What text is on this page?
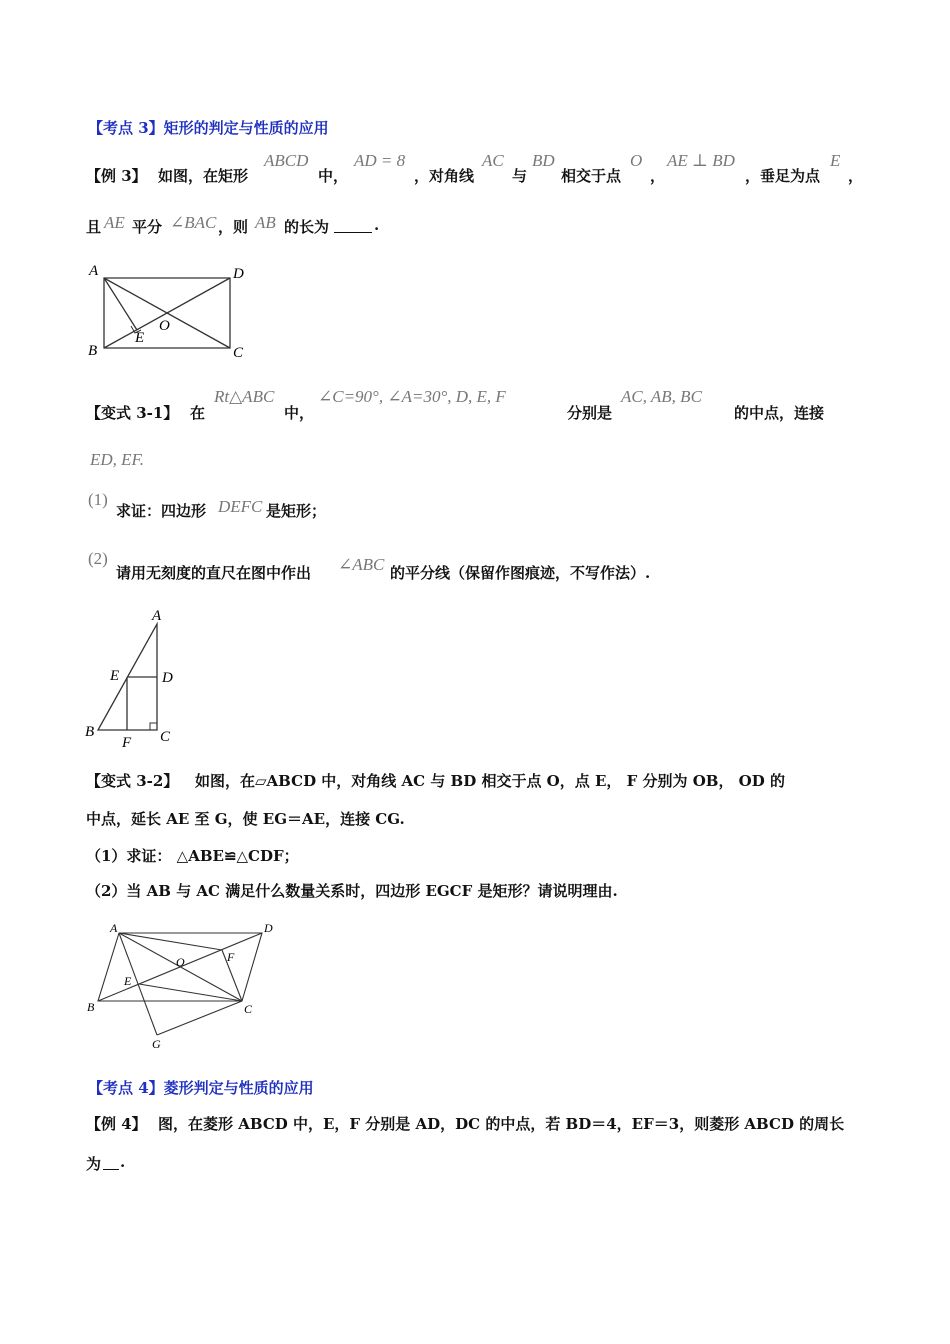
【考点 3】矩形的判定与性质的应用
【例 3】 如图，在矩形
ABCD
中，
AD = 8
，对角线
AC
与
BD
相交于点
O
，
AE ⊥ BD
，垂足为点
E
，
且 AE 平分 ∠BAC ，则 AB 的长为	.
A	D
B	C
O
E
【变式 3-1】 在
Rt△ABC
中，
∠C=90°, ∠A=30°, D, E, F
分别是
AC, AB, BC
的中点，连接
ED, EF.
(1)
求证：四边形 DEFC 是矩形；
(2)
请用无刻度的直尺在图中作出 ∠ABC 的平分线（保留作图痕迹，不写作法）.
A
E	D
B
F C
【变式 3-2】 如图，在▱ABCD 中，对角线 AC 与 BD 相交于点 O，点 E， F 分别为 OB， OD 的
中点，延长 AE 至 G，使 EG＝AE，连接 CG.
（1）求证： △ABE≌△CDF；
（2）当 AB 与 AC 满足什么数量关系时，四边形 EGCF 是矩形？请说明理由.
A	D
B	C
O
E
F
G
【考点 4】菱形判定与性质的应用
【例 4】 图，在菱形 ABCD 中，E，F 分别是 AD，DC 的中点，若 BD＝4，EF＝3，则菱形 ABCD 的周长
为 .
